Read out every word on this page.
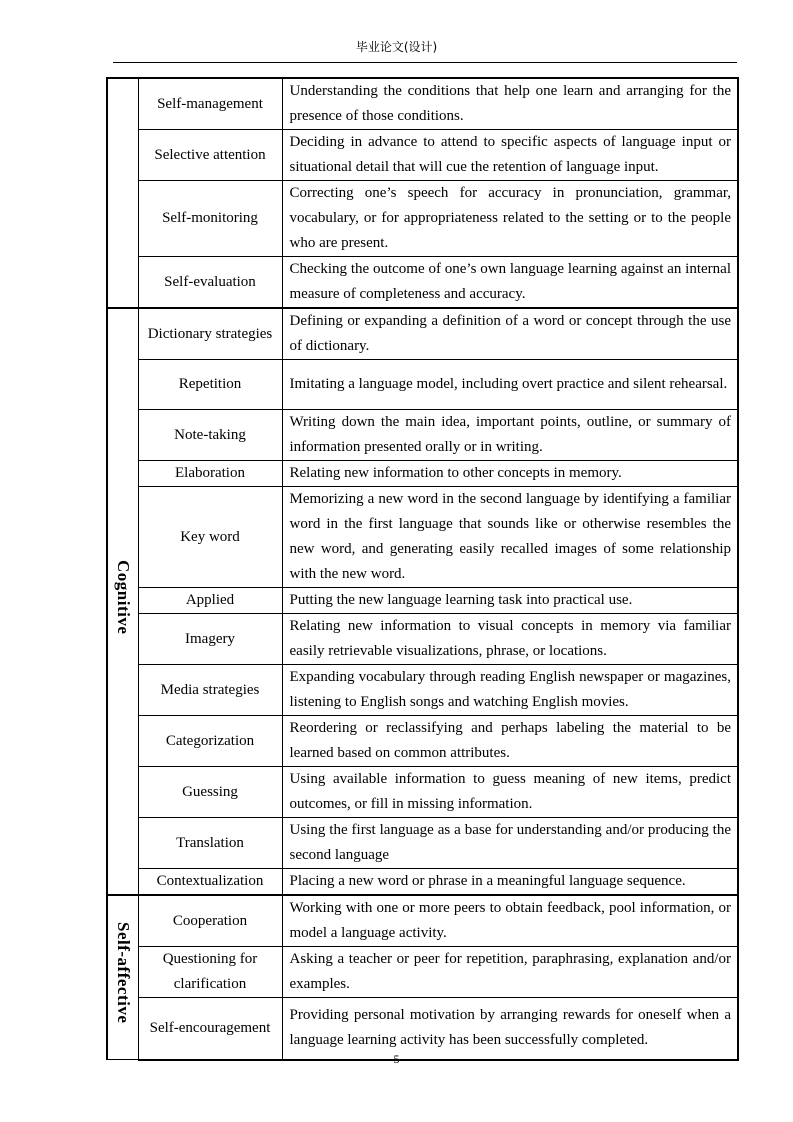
毕业论文(设计)
	Self-management	Understanding the conditions that help one learn and arranging for the presence of those conditions.
	Selective attention	Deciding in advance to attend to specific aspects of language input or situational detail that will cue the retention of language input.
	Self-monitoring	Correcting one’s speech for accuracy in pronunciation, grammar, vocabulary, or for appropriateness related to the setting or to the people who are present.
	Self-evaluation	Checking the outcome of one’s own language learning against an internal measure of completeness and accuracy.
Cognitive	Dictionary strategies	Defining or expanding a definition of a word or concept through the use of dictionary.
	Repetition	Imitating a language model, including overt practice and silent rehearsal.
	Note-taking	Writing down the main idea, important points, outline, or summary of information presented orally or in writing.
	Elaboration	Relating new information to other concepts in memory.
	Key word	Memorizing a new word in the second language by identifying a familiar word in the first language that sounds like or otherwise resembles the new word, and generating easily recalled images of some relationship with the new word.
	Applied	Putting the new language learning task into practical use.
	Imagery	Relating new information to visual concepts in memory via familiar easily retrievable visualizations, phrase, or locations.
	Media strategies	Expanding vocabulary through reading English newspaper or magazines, listening to English songs and watching English movies.
	Categorization	Reordering or reclassifying and perhaps labeling the material to be learned based on common attributes.
	Guessing	Using available information to guess meaning of new items, predict outcomes, or fill in missing information.
	Translation	Using the first language as a base for understanding and/or producing the second language
	Contextualization	Placing a new word or phrase in a meaningful language sequence.
Self-affective	Cooperation	Working with one or more peers to obtain feedback, pool information, or model a language activity.
	Questioning for clarification	Asking a teacher or peer for repetition, paraphrasing, explanation and/or examples.
	Self-encouragement	Providing personal motivation by arranging rewards for oneself when a language learning activity has been successfully completed.
5
